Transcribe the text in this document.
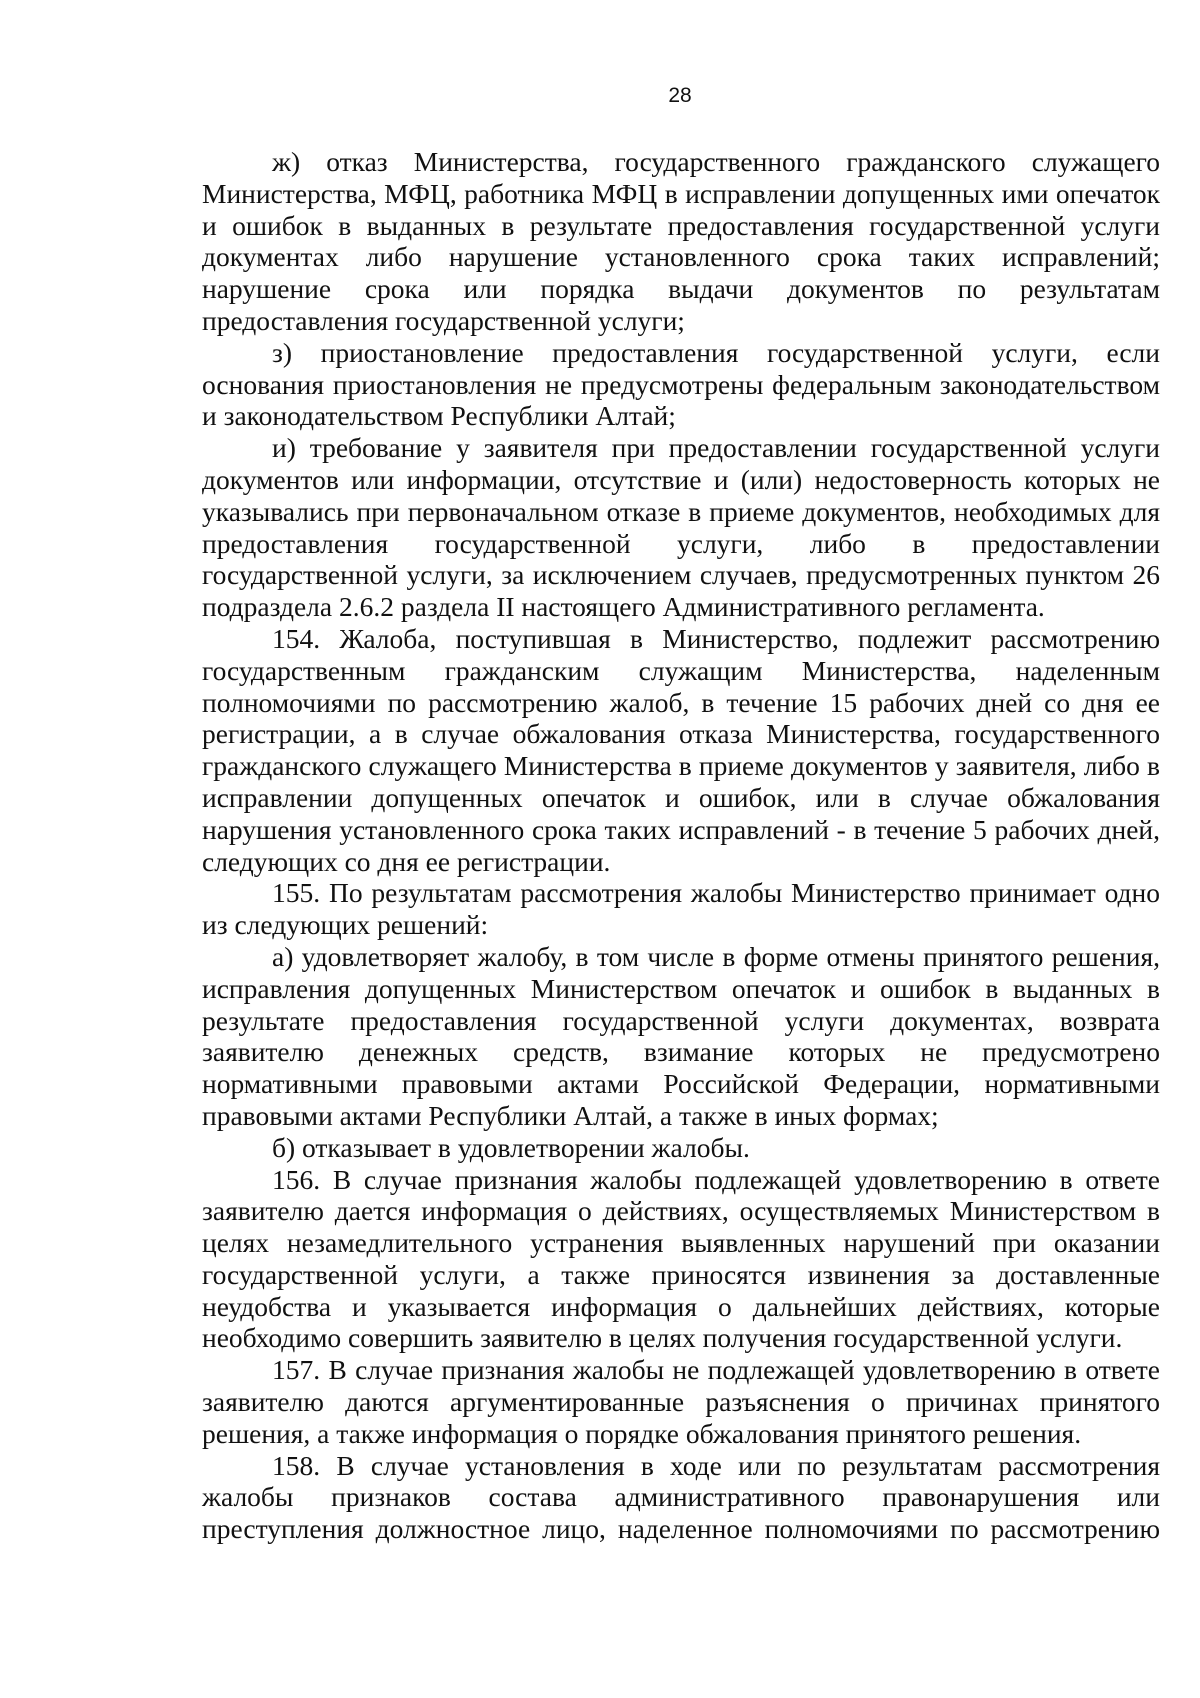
28

ж) отказ Министерства, государственного гражданского служащего Министерства, МФЦ, работника МФЦ в исправлении допущенных ими опечаток и ошибок в выданных в результате предоставления государственной услуги документах либо нарушение установленного срока таких исправлений; нарушение срока или порядка выдачи документов по результатам предоставления государственной услуги;

з) приостановление предоставления государственной услуги, если основания приостановления не предусмотрены федеральным законодательством и законодательством Республики Алтай;

и) требование у заявителя при предоставлении государственной услуги документов или информации, отсутствие и (или) недостоверность которых не указывались при первоначальном отказе в приеме документов, необходимых для предоставления государственной услуги, либо в предоставлении государственной услуги, за исключением случаев, предусмотренных пунктом 26 подраздела 2.6.2 раздела II настоящего Административного регламента.

154. Жалоба, поступившая в Министерство, подлежит рассмотрению государственным гражданским служащим Министерства, наделенным полномочиями по рассмотрению жалоб, в течение 15 рабочих дней со дня ее регистрации, а в случае обжалования отказа Министерства, государственного гражданского служащего Министерства в приеме документов у заявителя, либо в исправлении допущенных опечаток и ошибок, или в случае обжалования нарушения установленного срока таких исправлений - в течение 5 рабочих дней, следующих со дня ее регистрации.

155. По результатам рассмотрения жалобы Министерство принимает одно из следующих решений:

а) удовлетворяет жалобу, в том числе в форме отмены принятого решения, исправления допущенных Министерством опечаток и ошибок в выданных в результате предоставления государственной услуги документах, возврата заявителю денежных средств, взимание которых не предусмотрено нормативными правовыми актами Российской Федерации, нормативными правовыми актами Республики Алтай, а также в иных формах;

б) отказывает в удовлетворении жалобы.

156. В случае признания жалобы подлежащей удовлетворению в ответе заявителю дается информация о действиях, осуществляемых Министерством в целях незамедлительного устранения выявленных нарушений при оказании государственной услуги, а также приносятся извинения за доставленные неудобства и указывается информация о дальнейших действиях, которые необходимо совершить заявителю в целях получения государственной услуги.

157. В случае признания жалобы не подлежащей удовлетворению в ответе заявителю даются аргументированные разъяснения о причинах принятого решения, а также информация о порядке обжалования принятого решения.

158. В случае установления в ходе или по результатам рассмотрения жалобы признаков состава административного правонарушения или преступления должностное лицо, наделенное полномочиями по рассмотрению
